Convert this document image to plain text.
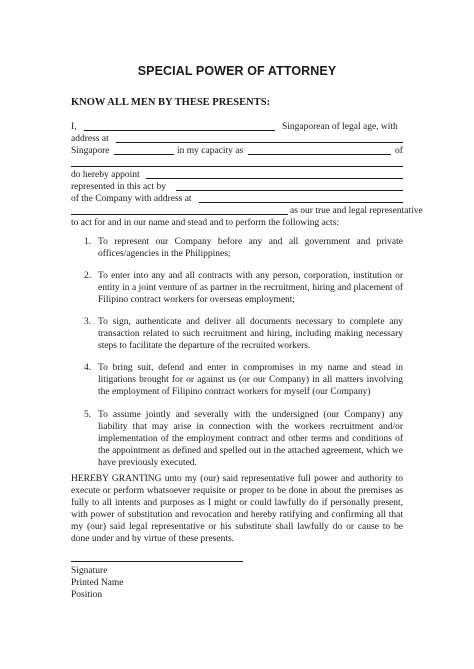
SPECIAL POWER OF ATTORNEY
KNOW ALL MEN BY THESE PRESENTS:
I,	Singaporean of legal age, with
address at
Singapore	in my capacity as	of
do hereby appoint
represented in this act by
of the Company with address at
as our true and legal representative
to act for and in our name and stead and to perform the following acts:
1. To represent our Company before any and all government and private offices/agencies in the Philippines;
2. To enter into any and all contracts with any person, corporation, institution or entity in a joint venture of as partner in the recruitment, hiring and placement of Filipino contract workers for overseas employment;
3. To sign, authenticate and deliver all documents necessary to complete any transaction related to such recruitment and hiring, including making necessary steps to facilitate the departure of the recruited workers.
4. To bring suit, defend and enter in compromises in my name and stead in litigations brought for or against us (or our Company) in all matters involving the employment of Filipino contract workers for myself (our Company)
5. To assume jointly and severally with the undersigned (our Company) any liability that may arise in connection with the workers recruitment and/or implementation of the employment contract and other terms and conditions of the appointment as defined and spelled out in the attached agreement, which we have previously executed.
HEREBY GRANTING unto my (our) said representative full power and authority to execute or perform whatsoever requisite or proper to be done in about the premises as fully to all intents and purposes as I might or could lawfully do if personally present, with power of substitution and revocation and hereby ratifying and confirming all that my (our) said legal representative or his substitute shall lawfully do or cause to be done under and by virtue of these presents.
Signature
Printed Name
Position
